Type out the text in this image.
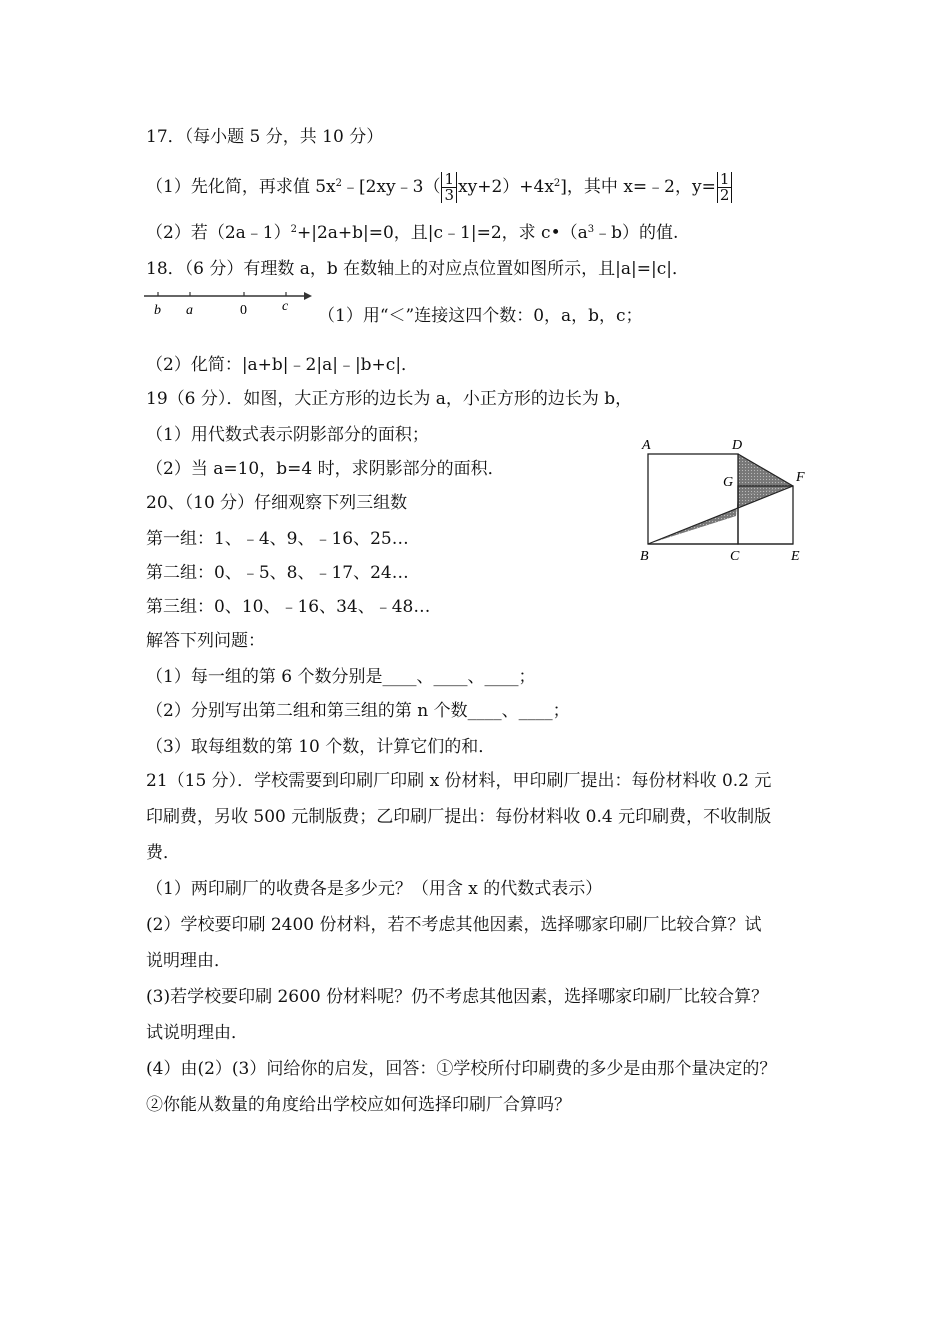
17．（每小题 5 分，共 10 分）
（1）先化简，再求值 $5x^2﹣[2xy﹣3( \frac{1}{3} xy+2)+4x^2]$，其中 x=﹣2，$y= \frac{1}{2}$
（2）若（2a﹣1）$^2$+|2a+b|=0，且|c﹣1|=2，求 $c•(a^3﹣b)$的值.
18．（6 分）有理数 a，b 在数轴上的对应点位置如图所示，且|a|=|c|．
b a	0	c （1）用“＜”连接这四个数：0，a，b，c；
（2）化简：|a+b|﹣2|a|﹣|b+c|．
19（6 分）．如图，大正方形的边长为 a，小正方形的边长为 b，
（1）用代数式表示阴影部分的面积；
（2）当 a=10，b=4 时，求阴影部分的面积．
A	D
G	F
B	C	E
20、（10 分）仔细观察下列三组数
第一组：1、﹣4、9、﹣16、25…
第二组：0、﹣5、8、﹣17、24…
第三组：0、10、﹣16、34、﹣48…
解答下列问题：
（1）每一组的第 6 个数分别是____、____、____；
（2）分别写出第二组和第三组的第 n 个数____、____；
（3）取每组数的第 10 个数，计算它们的和．
21（15 分）．学校需要到印刷厂印刷 x 份材料，甲印刷厂提出：每份材料收 0.2 元
印刷费，另收 500 元制版费；乙印刷厂提出：每份材料收 0.4 元印刷费，不收制版
费．
（1）两印刷厂的收费各是多少元？（用含 x 的代数式表示）
(2）学校要印刷 2400 份材料，若不考虑其他因素，选择哪家印刷厂比较合算？试
说明理由．
(3)若学校要印刷 2600 份材料呢？仍不考虑其他因素，选择哪家印刷厂比较合算？
试说明理由．
(4）由(2）(3）问给你的启发，回答：①学校所付印刷费的多少是由那个量决定的？
②你能从数量的角度给出学校应如何选择印刷厂合算吗？
